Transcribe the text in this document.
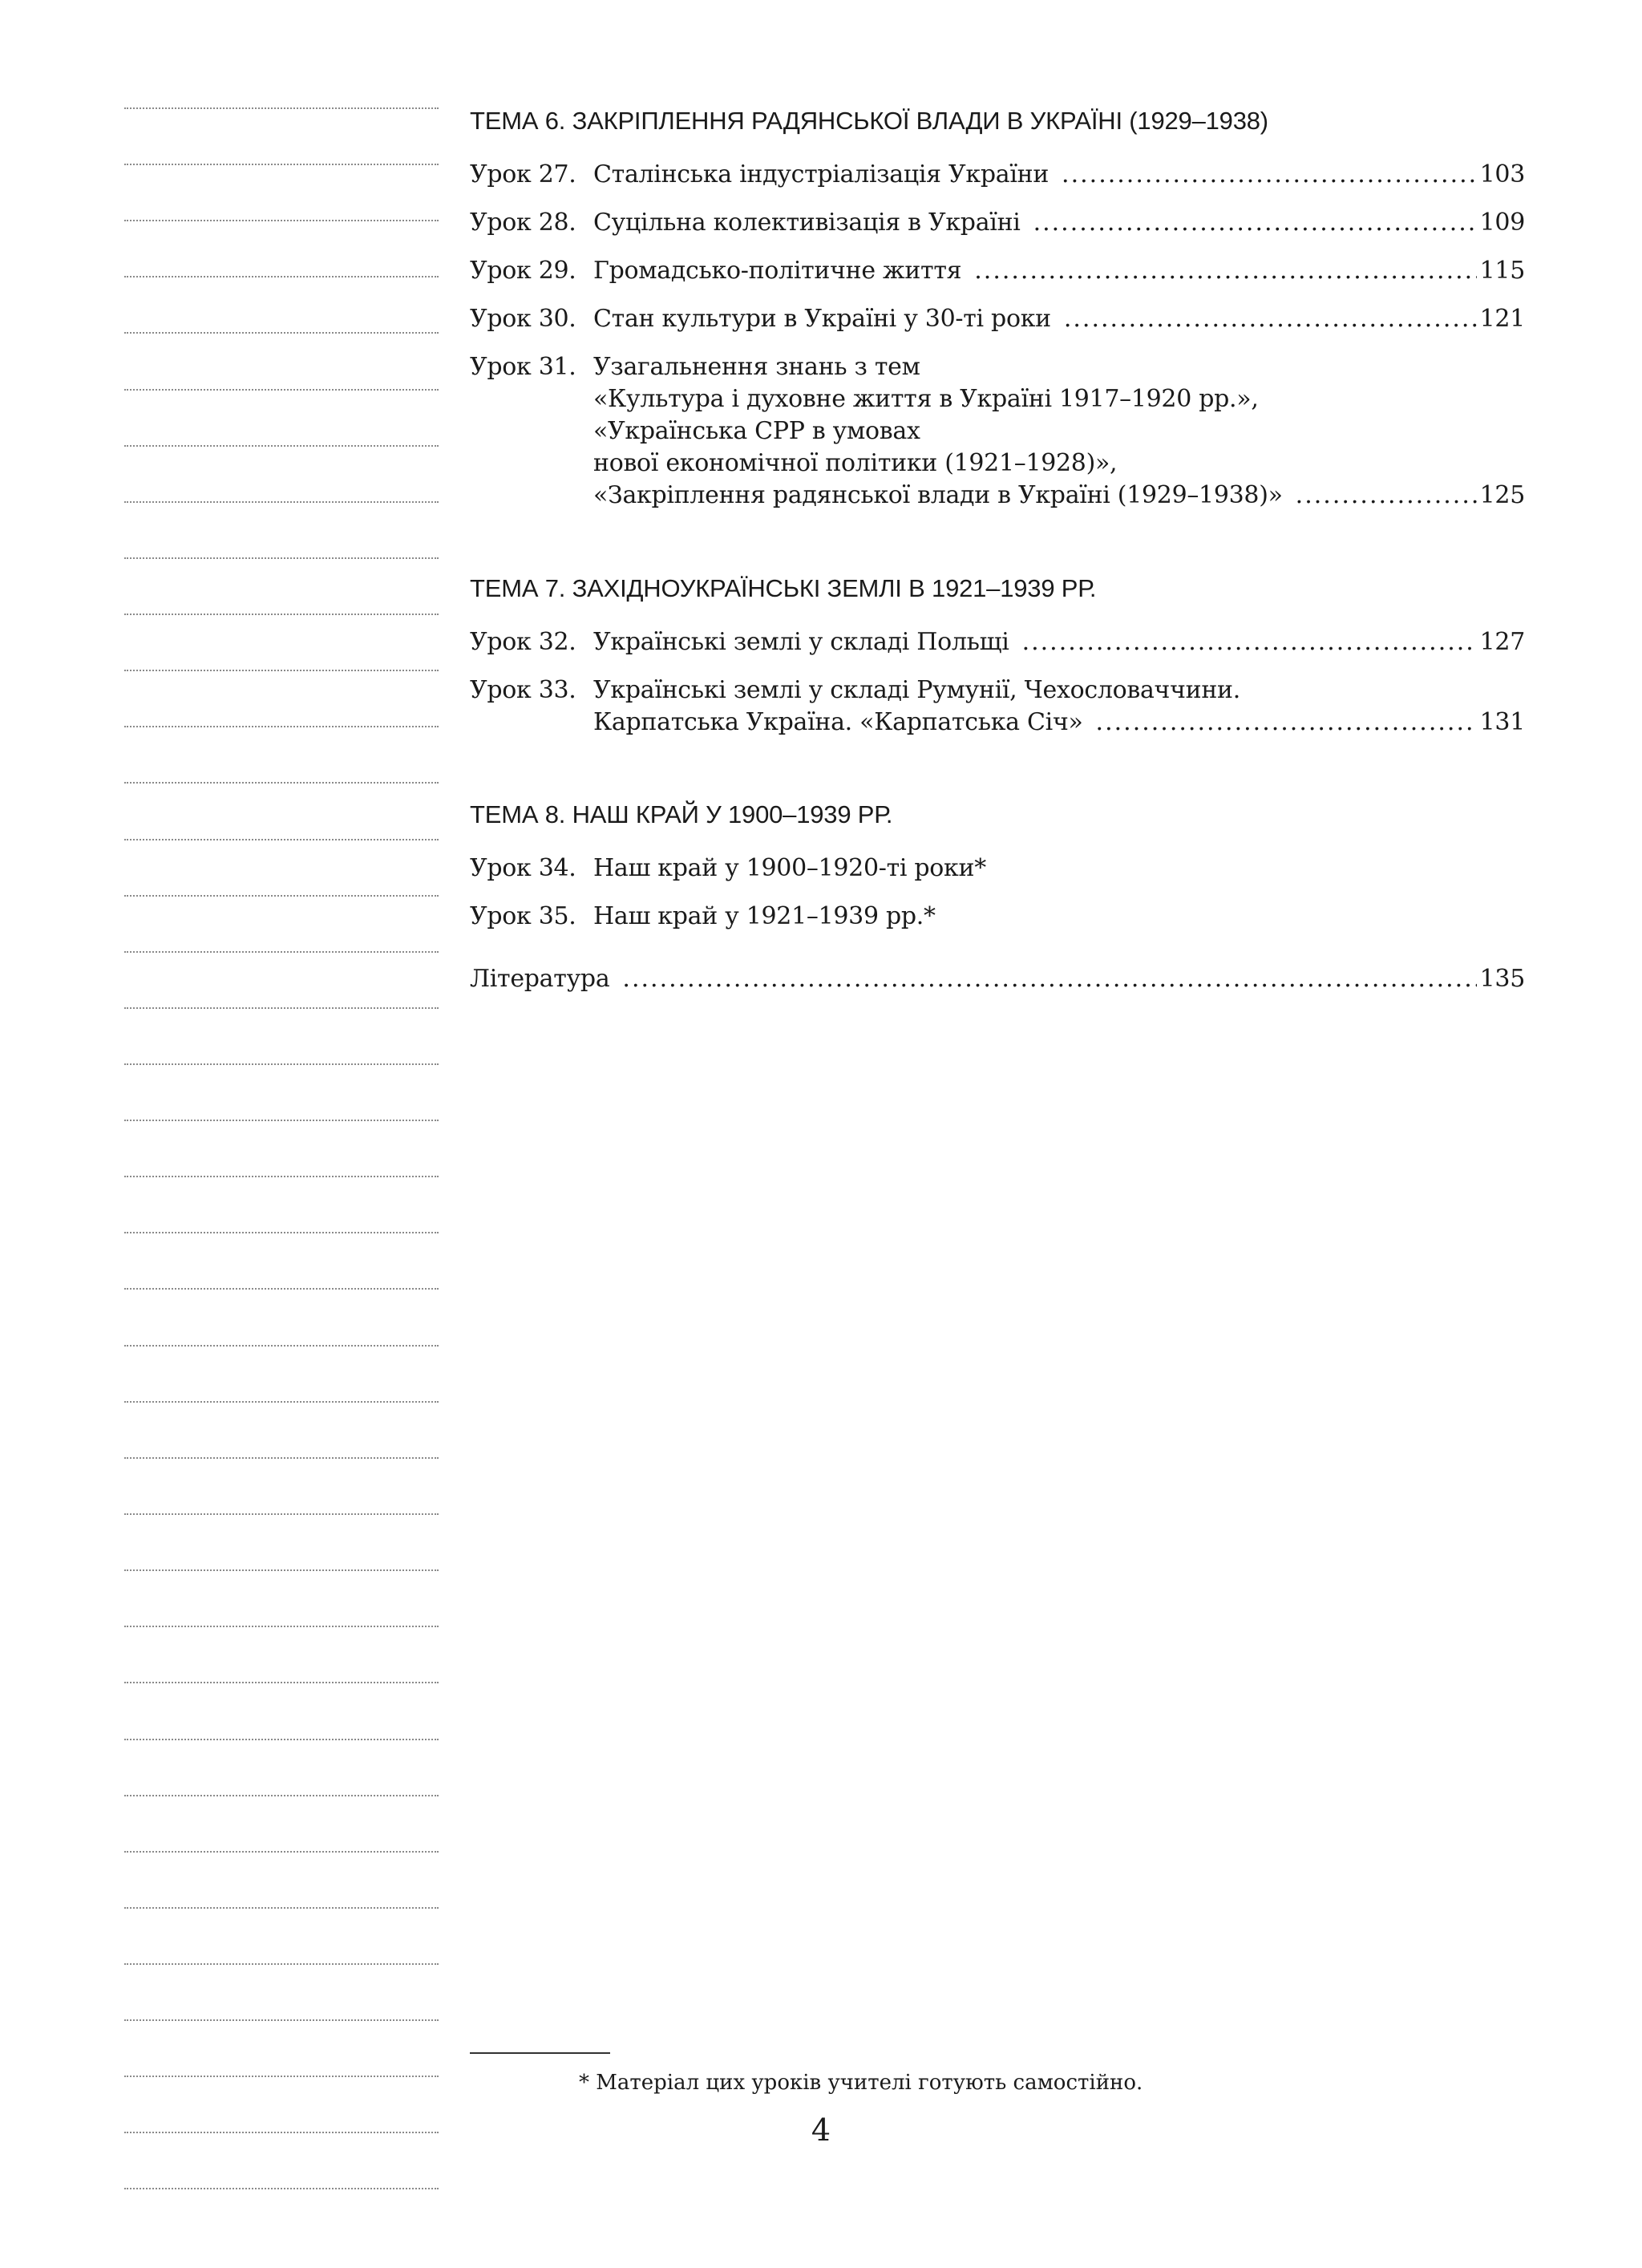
ТЕМА 6. ЗАКРІПЛЕННЯ РАДЯНСЬКОЇ ВЛАДИ В УКРАЇНІ (1929–1938)
Урок 27. Сталінська індустріалізація України .....	103
Урок 28. Суцільна колективізація в Україні .....	109
Урок 29. Громадсько-політичне життя .....	115
Урок 30. Стан культури в Україні у 30-ті роки .....	121
Урок 31. Узагальнення знань з тем
«Культура і духовне життя в Україні 1917–1920 рр.»,
«Українська СРР в умовах
нової економічної політики (1921–1928)»,
«Закріплення радянської влади в Україні (1929–1938)» .....	125
ТЕМА 7. ЗАХІДНОУКРАЇНСЬКІ ЗЕМЛІ В 1921–1939 РР.
Урок 32. Українські землі у складі Польщі .....	127
Урок 33. Українські землі у складі Румунії, Чехословаччини.
Карпатська Україна. «Карпатська Січ» .....	131
ТЕМА 8. НАШ КРАЙ У 1900–1939 РР.
Урок 34. Наш край у 1900–1920-ті роки*
Урок 35. Наш край у 1921–1939 рр.*
Література .....	135
* Матеріал цих уроків учителі готують самостійно.
4
